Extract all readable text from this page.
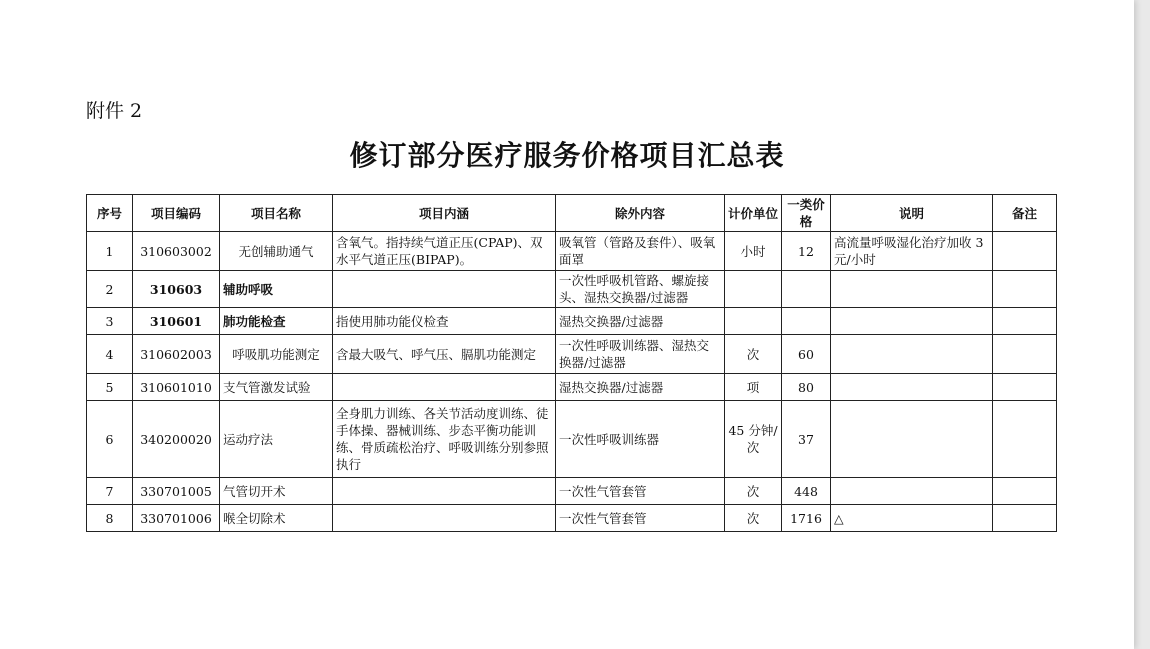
附件 2
修订部分医疗服务价格项目汇总表
序号	项目编码	项目名称	项目内涵	除外内容	计价单位	一类价格	说明	备注
1	310603002	无创辅助通气	含氧气。指持续气道正压(CPAP)、双水平气道正压(BIPAP)。	吸氧管（管路及套件）、吸氧面罩	小时	12	高流量呼吸湿化治疗加收 3 元/小时	
2	310603	辅助呼吸		一次性呼吸机管路、螺旋接头、湿热交换器/过滤器				
3	310601	肺功能检查	指使用肺功能仪检查	湿热交换器/过滤器				
4	310602003	呼吸肌功能测定	含最大吸气、呼气压、膈肌功能测定	一次性呼吸训练器、湿热交换器/过滤器	次	60		
5	310601010	支气管激发试验		湿热交换器/过滤器	项	80		
6	340200020	运动疗法	全身肌力训练、各关节活动度训练、徒手体操、器械训练、步态平衡功能训练、骨质疏松治疗、呼吸训练分别参照执行	一次性呼吸训练器	45 分钟/次	37		
7	330701005	气管切开术		一次性气管套管	次	448		
8	330701006	喉全切除术		一次性气管套管	次	1716	△	
